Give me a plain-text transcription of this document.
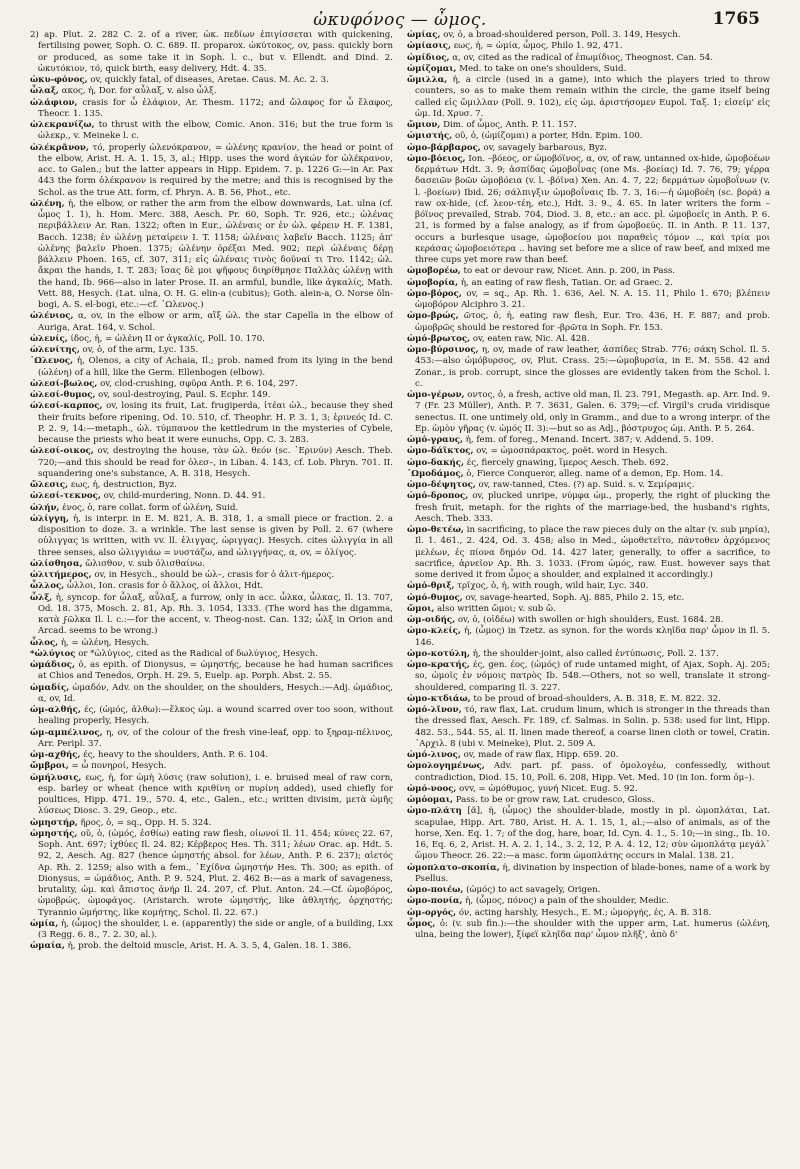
ὠκυφόνος — ὦμος.	1765

2) ap. Plut. 2. 282 C. 2. of a river, ὠκ. πεδίων ἐπιγίσσεται with quickening, fertilising power, Soph. O. C. 689. II. proparox. ὠκύτοκος, ov, pass. quickly born or produced, as some take it in Soph. l. c., but v. Ellendt. and Dind. 2. ὠκυτόκιον, τό, quick birth, easy delivery, Hdt. 4. 35.

ὠκυ-φόνος, ov, quickly fatal, of diseases, Aretae. Caus. M. Ac. 2. 3.

ὦλαξ, ακος, ἡ, Dor. for αὖλαξ, v. also ὦλξ.

ὠλάφιον, crasis for ὦ ἐλάφιον, Ar. Thesm. 1172; and ὤλαφος for ὦ ἔλαφος, Theocr. 1. 135.

ὠλεκρανίζω, to thrust with the elbow, Comic. Anon. 316; but the true form is ὠλεκρ., v. Meineke l. c.

ὠλέκρᾶνον, τό, properly ὠλενόκρανον, = ὠλένης κρανίον, the head or point of the elbow, Arist. H. A. 1. 15, 3, al.; Hipp. uses the word ἀγκών for ὠλέκρανον, acc. to Galen.; but the latter appears in Hipp. Epidem. 7. p. 1226 G:—in Ar. Pax 443 the form ὀλέκρανον is required by the metre; and this is recognised by the Schol. as the true Att. form, cf. Phryn. A. B. 56, Phot., etc.

ὠλένη, ἡ, the elbow, or rather the arm from the elbow downwards, Lat. ulna (cf. ὦμος 1. 1), h. Hom. Merc. 388, Aesch. Pr. 60, Soph. Tr. 926, etc.; ὠλένας περιβάλλειν Ar. Ran. 1322; often in Eur., ὠλέναις or ἐν ὠλ. φέρειν H. F. 1381, Bacch. 1238; ἐν ὠλένῃ μεταίρειν I. T. 1158; ὠλέναις λαβεῖν Bacch. 1125; ἀπ' ὠλένης βαλεῖν Phoen. 1375; ὠλένην ὀρέξαι Med. 902; περὶ ὠλέναις δέρῃ βάλλειν Phoen. 165, cf. 307, 311; εἰς ὠλέναις τινὸς δοῦναί τι Tro. 1142; ὠλ. ἄκραι the hands, I. T. 283; ἴσας δὲ μοι ψῆφους διηρίθμησε Παλλὰς ὠλένῃ with the hand, Ib. 966—also in later Prose. II. an armful, bundle, like ἀγκαλίς, Math. Vett. 88, Hesych. (Lat. ulna, O. H. G. elin-a (cubitus); Goth. alein-a, O. Norse öln-bogi, A. S. el-bogi, etc.:—cf. ᾽Ωλενος.)

ὠλένιος, α, ov, in the elbow or arm, αἲξ ὠλ. the star Capella in the elbow of Auriga, Arat. 164, v. Schol.

ὠλενίς, ίδος, ἡ, = ὠλένη II or ἀγκαλίς, Poll. 10. 170.

ὠλενίτης, ov, ὁ, of the arm, Lyc. 135.

᾽Ωλενος, ἡ, Olenos, a city of Achaia, Il.; prob. named from its lying in the bend (ὠλένη) of a hill, like the Germ. Ellenbogen (elbow).

ὠλεσί-βωλος, ov, clod-crushing, σφῦρα Anth. P. 6. 104, 297.

ὠλεσί-θυμος, ov, soul-destroying, Paul. S. Ecphr. 149.

ὠλεσί-καρπος, ov, losing its fruit, Lat. frugiperda, ἰτέαι ὠλ., because they shed their fruits before ripening, Od. 10. 510, cf. Theophr. H. P. 3. 1, 3; ἐρινεός Id. C. P. 2. 9, 14:—metaph., ὠλ. τύμπανον the kettledrum in the mysteries of Cybele, because the priests who beat it were eunuchs, Opp. C. 3. 283.

ὠλεσί-οικος, ov, destroying the house, τὰν ὠλ. θεόν (sc. ᾽Ερινύν) Aesch. Theb. 720;—and this should be read for ὀλεσ–, in Liban. 4. 143, cf. Lob. Phryn. 701. II. squandering one's substance, A. B. 318, Hesych.

ὤλεσις, εως, ἡ, destruction, Byz.

ὠλεσί-τεκνος, ov, child-murdering, Nonn. D. 44. 91.

ὠλήν, ένος, ὁ, rare collat. form of ὠλένη, Suid.

ὠλίγγη, ἡ, is interpr. in E. M. 821, A. B. 318, 1. a small piece or fraction. 2. a disposition to doze. 3. a wrinkle. The last sense is given by Poll. 2. 67 (where οὐλιγγας is written, with vv. ll. ἐλιγγας, ὠριγγας). Hesych. cites ὠλιγγία in all three senses, also ὠλιγγιάω = νυστάζω, and ὠλιγγήνας, α, ov, = ὀλίγος.

ὠλίσθησα, ὤλισθον, v. sub ὀλισθαίνω.

ὠλιτήμερος, ov, in Hesych., should be ὠλ–, crasis for ὁ ἀλιτ-ήμερος.

ὦλλος, ὦλλοι, Ion. crasis for ὁ ἄλλος, οἱ ἄλλοι, Hdt.

ὦλξ, ἡ, syncop. for ὦλαξ, αὖλαξ, a furrow, only in acc. ὦλκα, ὦλκας, Il. 13. 707, Od. 18. 375, Mosch. 2. 81, Ap. Rh. 3. 1054, 1333. (The word has the digamma, κατὰ ϝῶλκα Il. l. c.:—for the accent, v. Theog-nost. Can. 132; ὦλξ in Orion and Arcad. seems to be wrong.)

ὦλος, ἡ, = ὠλένη, Hesych.

*ὠλύγιος or *ὠλύγιος, cited as the Radical of δωλύγιος, Hesych.

ὠμάδιος, ὁ, as epith. of Dionysus, = ὠμηστής, because he had human sacrifices at Chios and Tenedos, Orph. H. 29. 5, Euelp. ap. Porph. Abst. 2. 55.

ὠμαδίς, ὠμαδόν, Adv. on the shoulder, on the shoulders, Hesych.:—Adj. ὠμάδιος, α, ov, Id.

ὠμ-αλθής, ές, (ὠμός, ἀλθω):—ἕλκος ὠμ. a wound scarred over too soon, without healing properly, Hesych.

ὠμ-αμπέλινος, η, ov, of the colour of the fresh vine-leaf, opp. to ξηραμ-πέλινος, Arr. Peripl. 37.

ὠμ-αχθής, ές, heavy to the shoulders, Anth. P. 6. 104.

ὤμβροι, = ὦ πονηροί, Hesych.

ὠμήλυσις, εως, ἡ, for ὠμὴ λύσις (raw solution), i. e. bruised meal of raw corn, esp. barley or wheat (hence with κριθίνη or πυρίνη added), used chiefly for poultices, Hipp. 471. 19., 570. 4, etc., Galen., etc.; written divisim, μετὰ ὠμῆς λύσεως Diosc. 3. 29, Geop., etc.

ὠμηστήρ, ῆρος, ὁ, = sq., Opp. H. 5. 324.

ὠμηστής, οῦ, ὁ, (ὠμός, ἐσθίω) eating raw flesh, οἰωνοί Il. 11. 454; κύνες 22. 67, Soph. Ant. 697; ἰχθύες Il. 24. 82; Κέρβερος Hes. Th. 311; λέων Orac. ap. Hdt. 5. 92, 2, Aesch. Ag. 827 (hence ὠμηστής absol. for λέων, Anth. P. 6. 237); αἰετός Ap. Rh. 2. 1259; also with a fem., ᾽Εχίδνα ὠμηστήν Hes. Th. 300; as epith. of Dionysus, = ὠμάδιος, Anth. P. 9. 524, Plut. 2. 462 B:—as a mark of savageness, brutality, ὠμ. καὶ ἄπιστος ἀνήρ Il. 24. 207, cf. Plut. Anton. 24.—Cf. ὠμοβόρος, ὠμοβρώς, ὠμοφάγος. (Aristarch. wrote ὠμηστής, like ἀθλητής, ὀρχηστής; Tyrannio ὠμήστης, like κομήτης, Schol. Il. 22. 67.)

ὠμία, ἡ, (ὦμος) the shoulder, i. e. (apparently) the side or angle, of a building, Lxx (3 Regg. 6. 8., 7. 2. 30, al.).

ὠμαία, ἡ, prob. the deltoid muscle, Arist. H. A. 3. 5, 4, Galen. 18. 1. 386.

ὠμίας, ov, ὁ, a broad-shouldered person, Poll. 3. 149, Hesych.

ὠμίασις, εως, ἡ, = ὠμία, ὦμος, Philo 1. 92, 471.

ὠμίδιος, α, ov, cited as the radical of ἐπωμίδιος, Theognost. Can. 54.

ὠμίζομαι, Med. to take on one's shoulders, Suid.

ὤμιλλα, ἡ, a circle (used in a game), into which the players tried to throw counters, so as to make them remain within the circle, the game itself being called εἰς ὤμιλλαν (Poll. 9. 102), εἰς ὠμ. ἀριστήσομεν Eupol. Ταξ. 1; εἰσείμ' εἰς ὠμ. Id. Χρυσ. 7.

ὤμιον, Dim. of ὦμος, Anth. P. 11. 157.

ὠμιστής, οῦ, ὁ, (ὠμίζομαι) a porter, Hdn. Epim. 100.

ὠμο-βάρβαρος, ov, savagely barbarous, Byz.

ὠμο-βόειος, Ion. –βόεος, or ὠμοβόϊνος, α, ov, of raw, untanned ox-hide, ὠμοβοέων δερμάτων Hdt. 3. 9; ἀσπίδας ὠμοβοΐνας (one Ms. -βοείας) Id. 7. 76, 79; γέρρα δασειῶν βοῶν ὠμοβόεια (v. l. -βόϊνα) Xen. An. 4. 7, 22; δερμάτων ὠμοβοΐνων (v. l. -βοείων) Ibid. 26; σάλπιγξιν ὠμοβοΐναις Ib. 7. 3, 16:—ἡ ὠμοβοέη (sc. βορά) a raw ox-hide, (cf. λεον-τέη, etc.), Hdt. 3. 9., 4. 65. In later writers the form –βόϊνος prevailed, Strab. 704, Diod. 3. 8, etc.: an acc. pl. ὠμοβοεῖς in Anth. P. 6. 21, is formed by a false analogy, as if from ὠμοβοεύς. II. in Anth. P. 11. 137, occurs a burlesque usage, ὠμοβοείου μοι παραθεὶς τόμον .., καὶ τρία μοι κεράσας ὠμοβοειότερα .. having set before me a slice of raw beef, and mixed me three cups yet more raw than beef.

ὠμοβορέω, to eat or devour raw, Nicet. Ann. p. 200, in Pass.

ὠμοβορία, ἡ, an eating of raw flesh, Tatian. Or. ad Graec. 2.

ὠμο-βόρος, ov, = sq., Ap. Rh. 1. 636, Ael. N. A. 15. 11, Philo 1. 670; βλέπειν ὠμοβόρον Alciphro 3. 21.

ὠμο-βρώς, ῶτος, ὁ, ἡ, eating raw flesh, Eur. Tro. 436, H. F. 887; and prob. ὠμοβρῶς should be restored for -βρῶτα in Soph. Fr. 153.

ὠμό-βρωτος, ov, eaten raw, Nic. Al. 428.

ὠμο-βύρσινος, η, ov, made of raw leather, ἀσπίδες Strab. 776; σάκη Schol. Il. 5. 453:—also ὠμόβυρσος, ov, Plut. Crass. 25:—ὠμοβυρσία, in E. M. 558. 42 and Zonar., is prob. corrupt, since the glosses are evidently taken from the Schol. l. c.

ὠμο-γέρων, οντος, ὁ, a fresh, active old man, Il. 23. 791, Megasth. ap. Arr. Ind. 9. 7 (Fr. 23 Müller), Anth. P. 7. 3631, Galen. 6. 379;—cf. Virgil's cruda viridisque senectus. II. one untimely old, only in Gramm., and due to a wrong interpr. of the Ep. ὠμὸν γῆρας (v. ὠμός II. 3):—but so as Adj., βόστρυχος ὠμ. Anth. P. 5. 264.

ὠμό-γραυς, ἡ, fem. of foreg., Menand. Incert. 387; v. Addend. 5. 109.

ὠμο-δάϊκτος, ov, = ὠμοσπάρακτος, poët. word in Hesych.

ὠμο-δακής, ές, fiercely gnawing, ἵμερος Aesch. Theb. 692.

᾽Ωμοδάμος, ὁ, Fierce Conqueror, alleg. name of a demon, Ep. Hom. 14.

ὠμο-δέψητος, ov, raw-tanned, Ctes. (?) ap. Suid. s. v. Σεμίραμις.

ὠμό-δροπος, ov, plucked unripe, νύμφα ὠμ., properly, the right of plucking the fresh fruit, metaph. for the rights of the marriage-bed, the husband's rights, Aesch. Theb. 333.

ὠμο-θετέω, in sacrificing, to place the raw pieces duly on the altar (v. sub μηρία), Il. 1. 461., 2. 424, Od. 3. 458; also in Med., ὠμοθετεῖτο, πάντοθεν ἀρχόμενος μελέων, ἐς πίονα δημόν Od. 14. 427 later, generally, to offer a sacrifice, to sacrifice, ἀρνεῖον Ap. Rh. 3. 1033. (From ὠμός, raw. Eust. however says that some derived it from ὦμος a shoulder, and explained it accordingly.)

ὠμό-θριξ, τρῖχος, ὁ, ἡ, with rough, wild hair, Lyc. 340.

ὠμό-θυμος, ov, savage-hearted, Soph. Aj. 885, Philo 2. 15, etc.

ὤμοι, also written ὤμοι; v. sub ὤ.

ὠμ-οιδής, ov, ὁ, (οἰδέω) with swollen or high shoulders, Eust. 1684. 28.

ὠμο-κλείς, ἡ, (ὦμος) in Tzetz. as synon. for the words κληῖδα παρ' ὦμον in Il. 5. 146.

ὠμο-κοτύλη, ἡ, the shoulder-joint, also called ἐντύπωσις, Poll. 2. 137.

ὠμο-κρατής, ές, gen. έος, (ὠμός) of rude untamed might, of Ajax, Soph. Aj. 205; so, ὠμοῖς ἐν νόμοις πατρὸς Ib. 548.—Others, not so well, translate it strong-shouldered, comparing Il. 3. 227.

ὠμο-κτδιάω, to be proud of broad-shoulders, A. B. 318, E. M. 822. 32.

ὠμό-λῖνον, τό, raw flax, Lat. crudum linum, which is stronger in the threads than the dressed flax, Aesch. Fr. 189, cf. Salmas. in Solin. p. 538: used for lint, Hipp. 482. 53., 544. 55, al. II. linen made thereof, a coarse linen cloth or towel, Cratin. ᾽Αρχιλ. 8 (ubi v. Meineke), Plut. 2. 509 A.

ὠμό-λινος, ov, made of raw flax, Hipp. 659. 20.

ὠμολογημένως, Adv. part. pf. pass. of ὁμολογέω, confessedly, without contradiction, Diod. 15. 10, Poll. 6. 208, Hipp. Vet. Med. 10 (in Ion. form ὁμ–).

ὠμό-νοος, ovv, = ὠμόθυμος, γυνή Nicet. Eug. 5. 92.

ὠμόομαι, Pass. to be or grow raw, Lat. crudesco, Gloss.

ὠμο-πλάτη [ᾰ], ἡ, (ὦμος) the shoulder-blade, mostly in pl. ὠμοπλάται, Lat. scapulae, Hipp. Art. 780, Arist. H. A. 1. 15, 1, al.;—also of animals, as of the horse, Xen. Eq. 1. 7; of the dog, hare, boar, Id. Cyn. 4. 1., 5. 10;—in sing., Ib. 10. 16, Eq. 6, 2, Arist. H. A. 2. 1, 14., 3. 2, 12, P. A. 4. 12, 12; σὺν ὠμοπλάτᾳ μεγάλ᾽ ὤμου Theocr. 26. 22:—a masc. form ὠμοπλάτης occurs in Malal. 138. 21.

ὠμοπλατο-σκοπία, ἡ, divination by inspection of blade-bones, name of a work by Psellus.

ὠμο-ποιέω, (ὠμός) to act savagely, Origen.

ὠμο-πονία, ἡ, (ὦμος, πόνος) a pain of the shoulder, Medic.

ὠμ-οργός, όν, acting harshly, Hesych., E. M.; ὠμοργής, ές, A. B. 318.

ὦμος, ὁ: (v. sub fin.):—the shoulder with the upper arm, Lat. humerus (ὠλένη, ulna, being the lower), ξίφεϊ κληῖδα παρ' ὦμον πλῆξ', ἀπὸ δ'
